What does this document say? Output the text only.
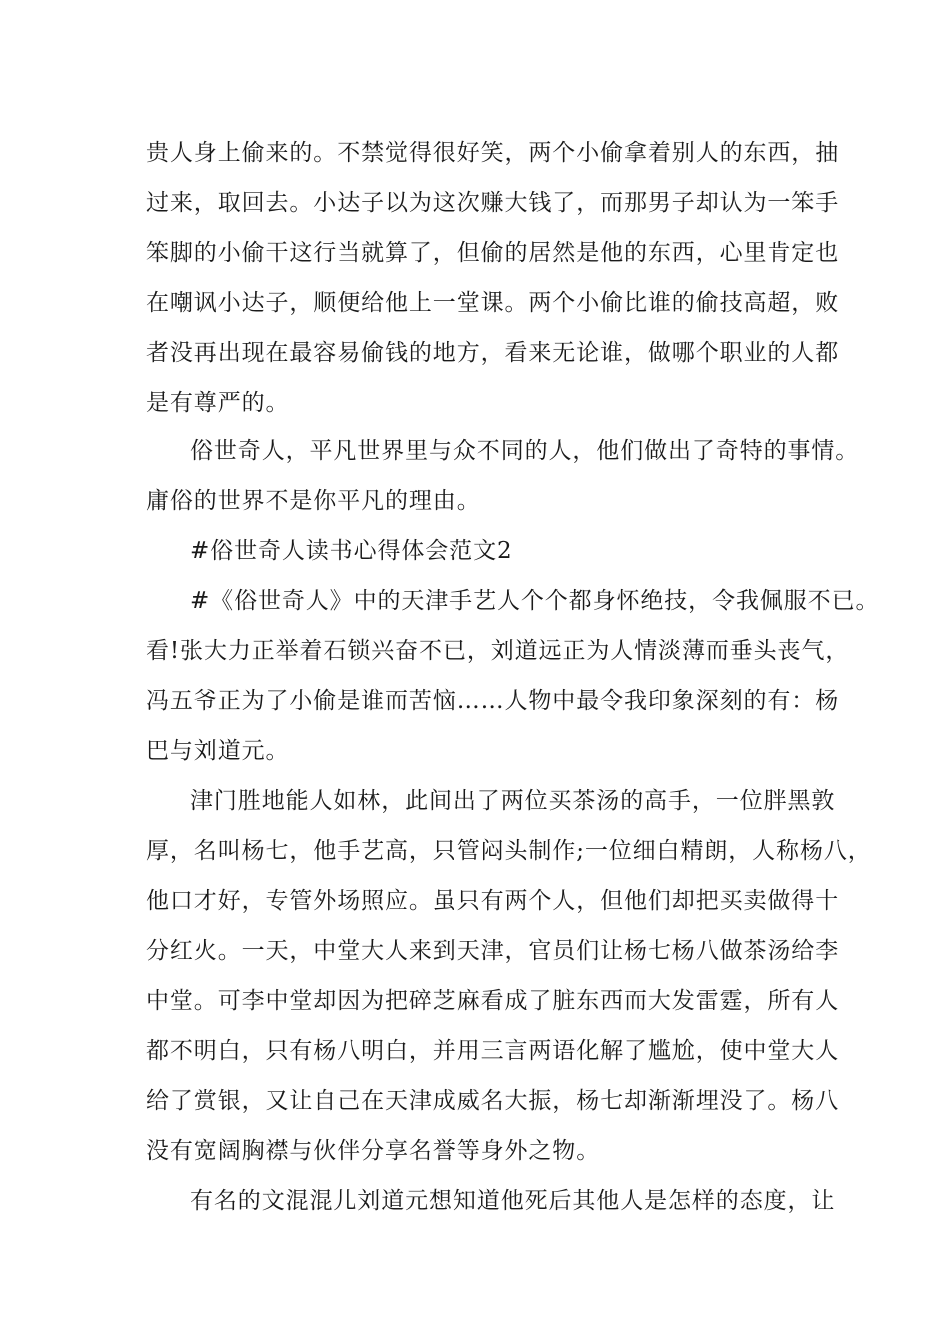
贵人身上偷来的。不禁觉得很好笑，两个小偷拿着别人的东西，抽
过来，取回去。小达子以为这次赚大钱了，而那男子却认为一笨手
笨脚的小偷干这行当就算了，但偷的居然是他的东西，心里肯定也
在嘲讽小达子，顺便给他上一堂课。两个小偷比谁的偷技高超，败
者没再出现在最容易偷钱的地方，看来无论谁，做哪个职业的人都
是有尊严的。
俗世奇人，平凡世界里与众不同的人，他们做出了奇特的事情。
庸俗的世界不是你平凡的理由。
#俗世奇人读书心得体会范文2
#《俗世奇人》中的天津手艺人个个都身怀绝技，令我佩服不已。
看!张大力正举着石锁兴奋不已，刘道远正为人情淡薄而垂头丧气，
冯五爷正为了小偷是谁而苦恼……人物中最令我印象深刻的有：杨
巴与刘道元。
津门胜地能人如林，此间出了两位买茶汤的高手，一位胖黑敦
厚，名叫杨七，他手艺高，只管闷头制作;一位细白精朗，人称杨八，
他口才好，专管外场照应。虽只有两个人，但他们却把买卖做得十
分红火。一天，中堂大人来到天津，官员们让杨七杨八做茶汤给李
中堂。可李中堂却因为把碎芝麻看成了脏东西而大发雷霆，所有人
都不明白，只有杨八明白，并用三言两语化解了尴尬，使中堂大人
给了赏银，又让自己在天津成威名大振，杨七却渐渐埋没了。杨八
没有宽阔胸襟与伙伴分享名誉等身外之物。
有名的文混混儿刘道元想知道他死后其他人是怎样的态度，让
